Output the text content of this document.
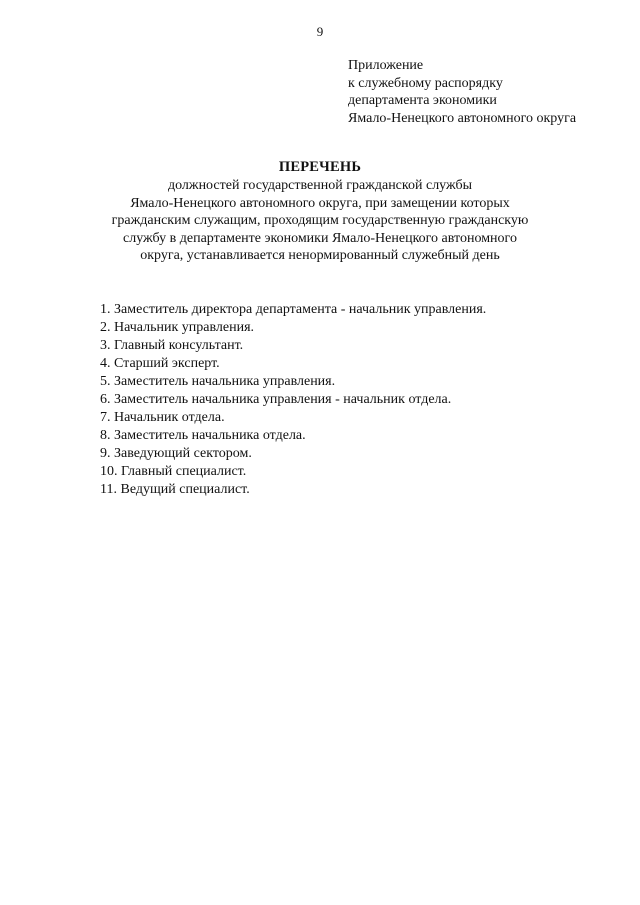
9
Приложение
к служебному распорядку
департамента экономики
Ямало-Ненецкого автономного округа
ПЕРЕЧЕНЬ
должностей государственной гражданской службы
Ямало-Ненецкого автономного округа, при замещении которых
гражданским служащим, проходящим государственную гражданскую
службу в департаменте экономики Ямало-Ненецкого автономного
округа, устанавливается ненормированный служебный день
1. Заместитель директора департамента - начальник управления.
2. Начальник управления.
3. Главный консультант.
4. Старший эксперт.
5. Заместитель начальника управления.
6. Заместитель начальника управления - начальник отдела.
7. Начальник отдела.
8. Заместитель начальника отдела.
9. Заведующий сектором.
10. Главный специалист.
11. Ведущий специалист.
